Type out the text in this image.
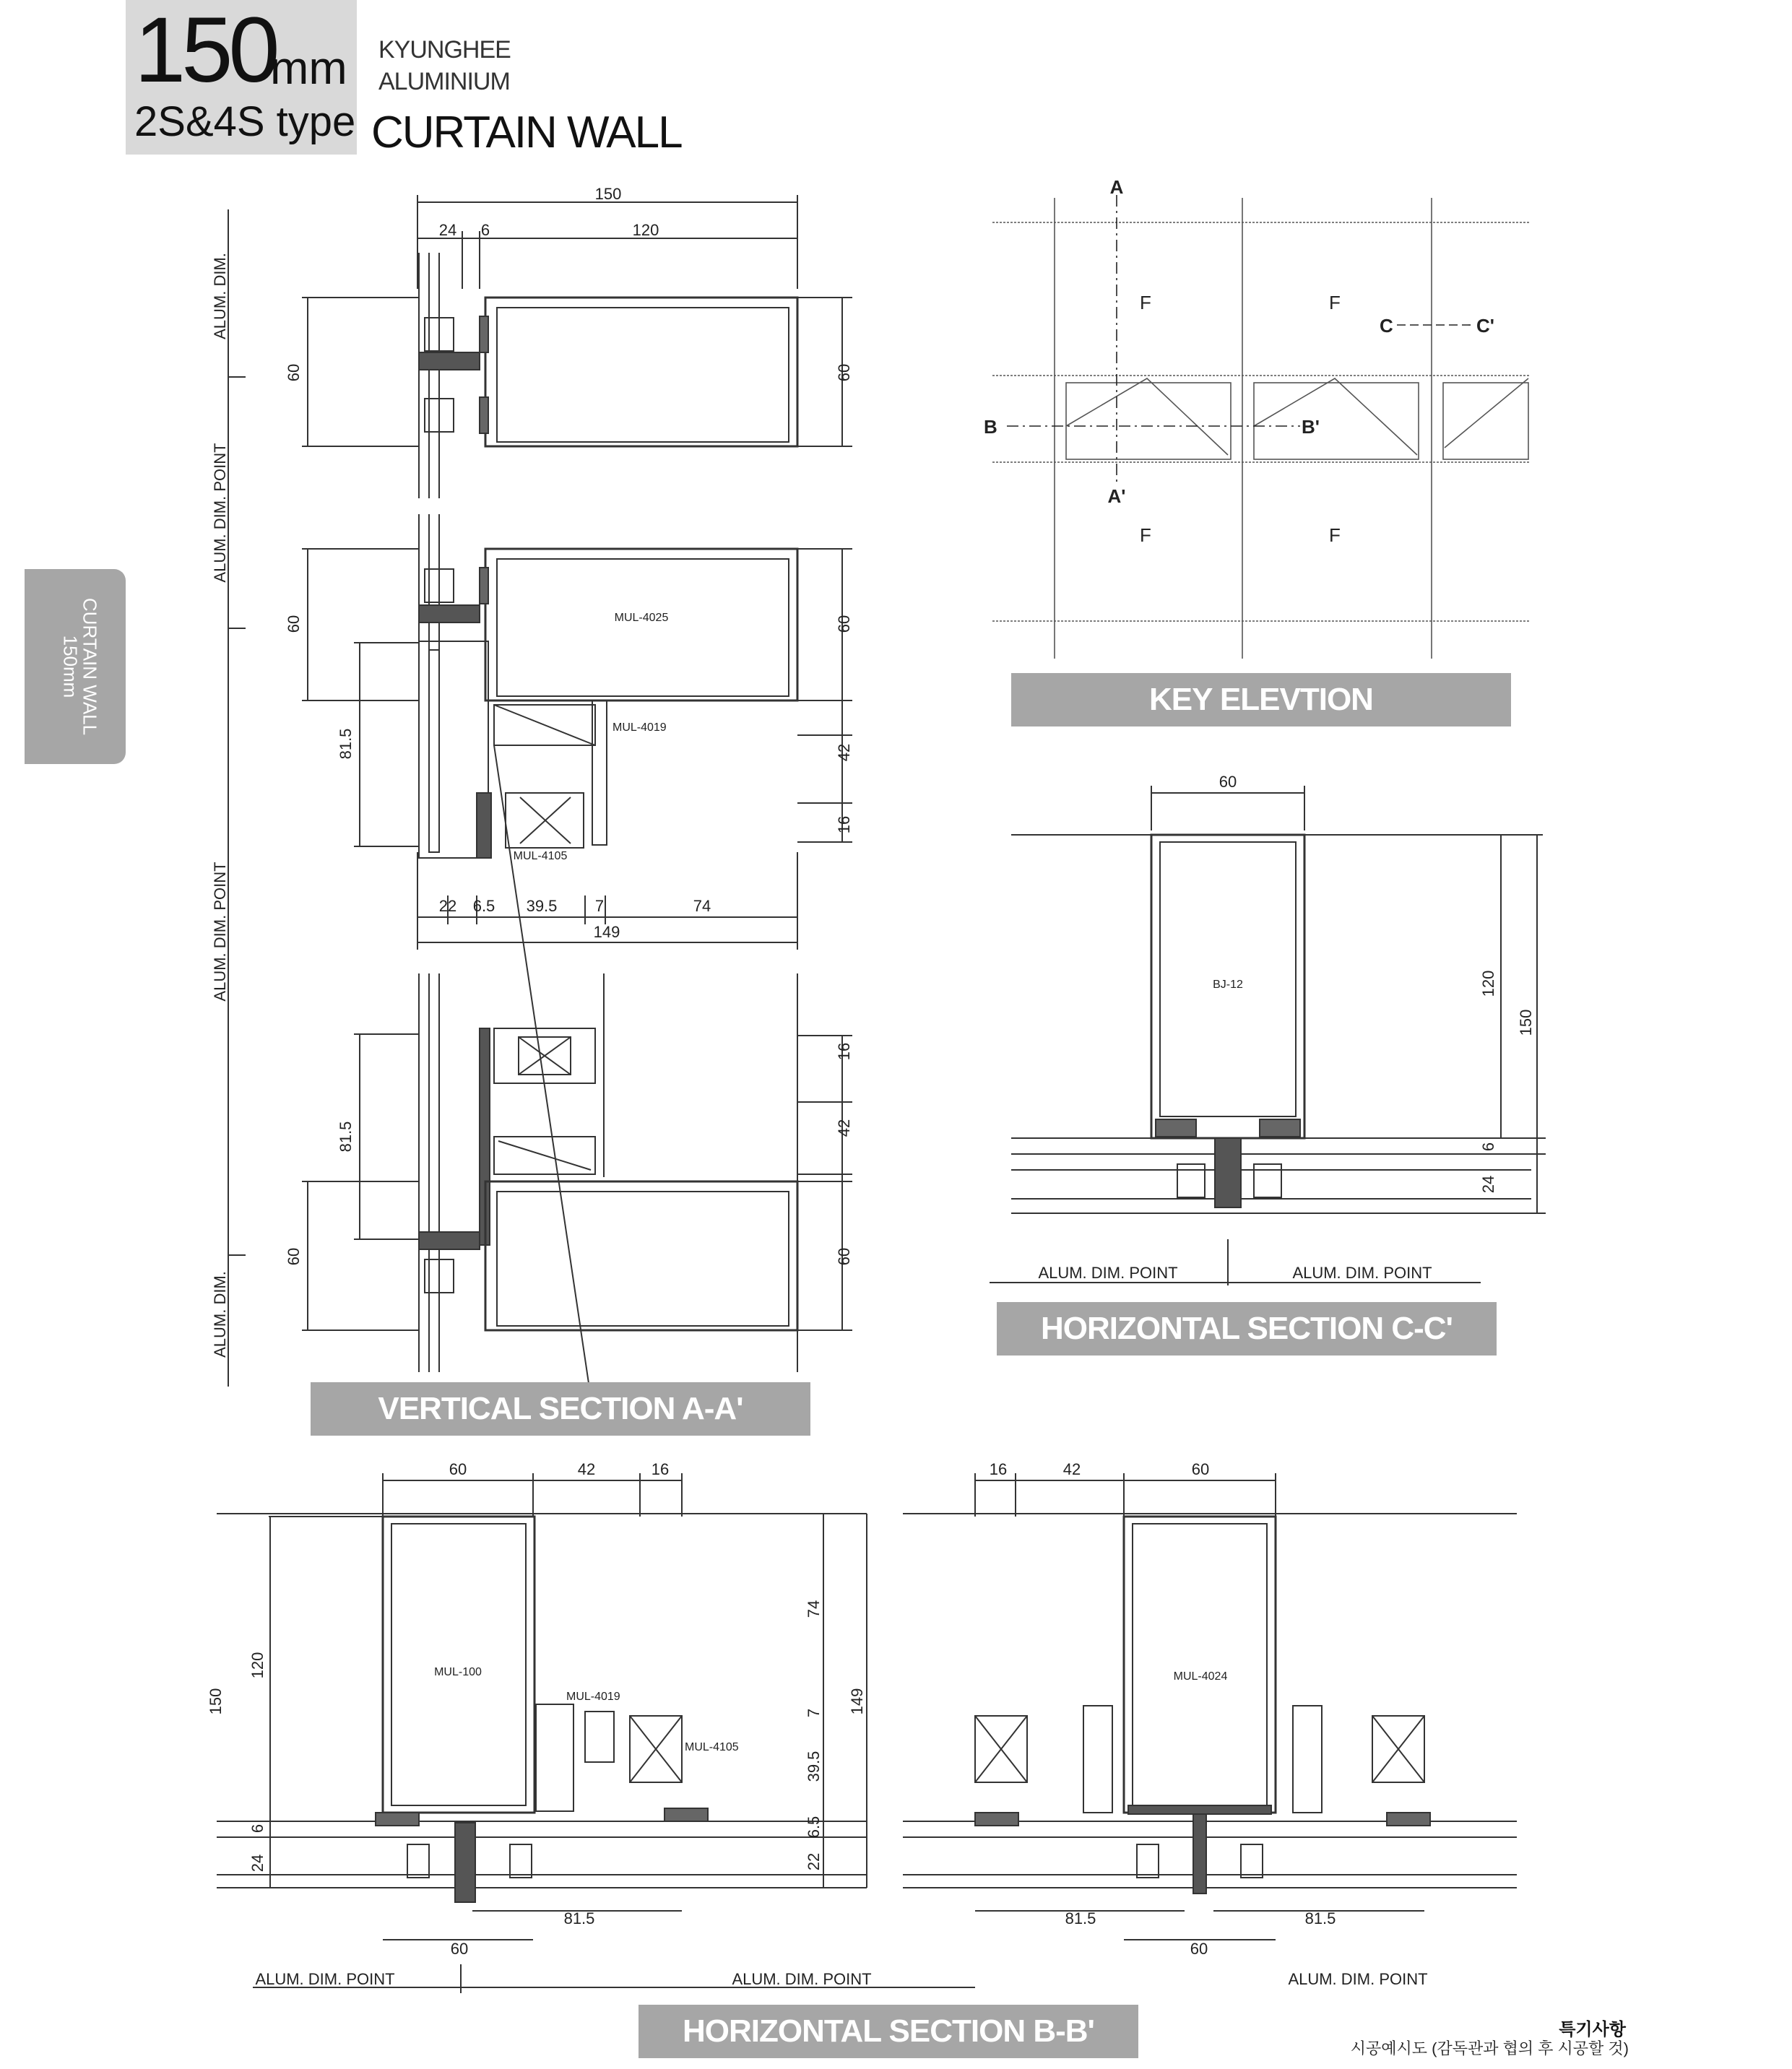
150
mm
2S&4S type
KYUNGHEE
ALUMINIUM
CURTAIN WALL
CURTAIN WALL
150mm
150
24 6	120
22 6.5 39.5 7	74
149
MUL-4025
MUL-4019
MUL-4105
ALUM. DIM.
ALUM. DIM. POINT
ALUM. DIM. POINT
ALUM. DIM.
60
60
81.5
81.5
60
60
60
42
16
16
42
60
A
A'
B	B'
C	C'
F	F
F	F
60
BJ-12
ALUM. DIM. POINT	ALUM. DIM. POINT
120
150
6
24
60	42	16	16	42	60
MUL-100
MUL-4019
MUL-4105
MUL-4024
81.5
60
81.5	81.5
60
ALUM. DIM. POINT	ALUM. DIM. POINT	ALUM. DIM. POINT
150
120
6
24
74
7
39.5
6.5
22
149
KEY ELEVTION
HORIZONTAL SECTION C-C'
VERTICAL SECTION A-A'
HORIZONTAL SECTION B-B'	특기사항
시공예시도 (감독관과 협의 후 시공할 것)
